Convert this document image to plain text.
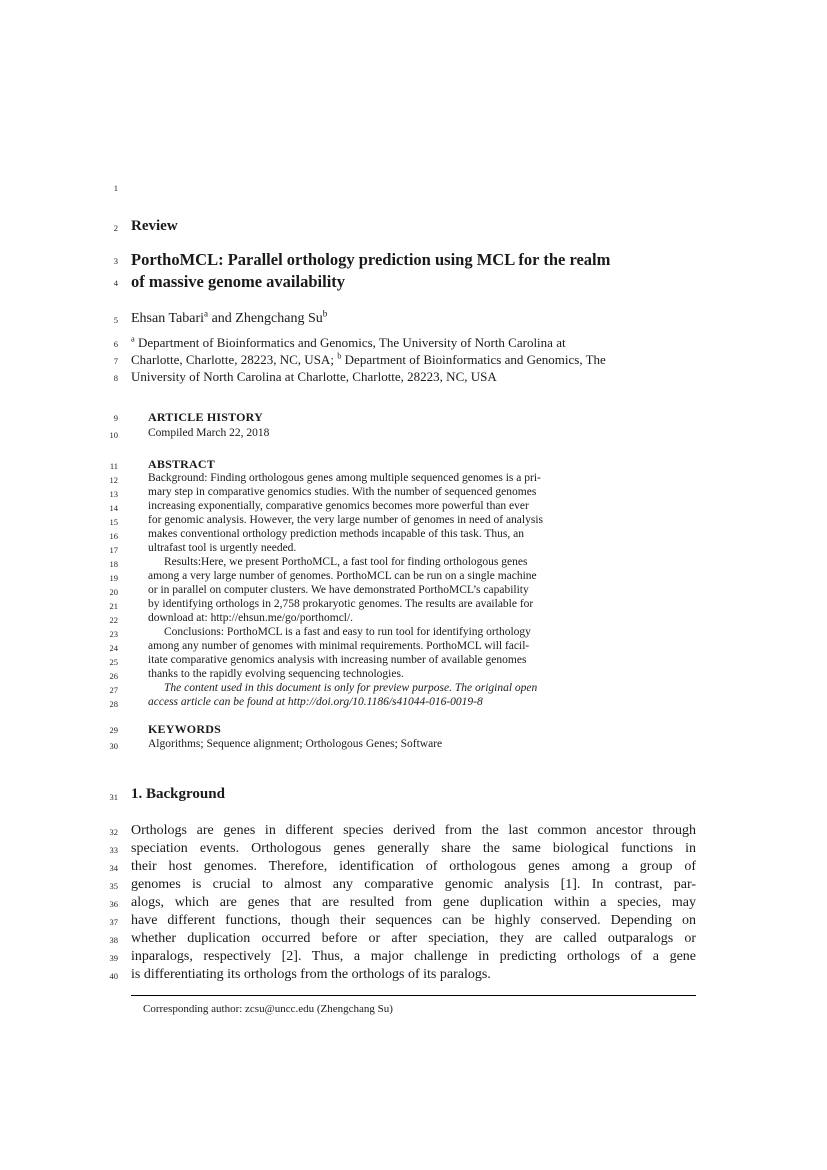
1
2
3
4
5
6
7
8
9
10
11
12
13
14
15
16
17
18
19
20
21
22
23
24
25
26
27
28
29
30
31
32
33
34
35
36
37
38
39
40
Review
PorthoMCL: Parallel orthology prediction using MCL for the realm
of massive genome availability
Ehsan Tabari$^a$ and Zhengchang Su$^b$
$^a$ Department of Bioinformatics and Genomics, The University of North Carolina at
Charlotte, Charlotte, 28223, NC, USA; $^b$ Department of Bioinformatics and Genomics, The
University of North Carolina at Charlotte, Charlotte, 28223, NC, USA
ARTICLE HISTORY
Compiled March 22, 2018
ABSTRACT
Background: Finding orthologous genes among multiple sequenced genomes is a pri-
mary step in comparative genomics studies. With the number of sequenced genomes
increasing exponentially, comparative genomics becomes more powerful than ever
for genomic analysis. However, the very large number of genomes in need of analysis
makes conventional orthology prediction methods incapable of this task. Thus, an
ultrafast tool is urgently needed.
Results:Here, we present PorthoMCL, a fast tool for finding orthologous genes
among a very large number of genomes. PorthoMCL can be run on a single machine
or in parallel on computer clusters. We have demonstrated PorthoMCL’s capability
by identifying orthologs in 2,758 prokaryotic genomes. The results are available for
download at: http://ehsun.me/go/porthomcl/.
Conclusions: PorthoMCL is a fast and easy to run tool for identifying orthology
among any number of genomes with minimal requirements. PorthoMCL will facil-
itate comparative genomics analysis with increasing number of available genomes
thanks to the rapidly evolving sequencing technologies.
The content used in this document is only for preview purpose. The original open
access article can be found at http://doi.org/10.1186/s41044-016-0019-8
KEYWORDS
Algorithms; Sequence alignment; Orthologous Genes; Software
1. Background
Orthologs are genes in different species derived from the last common ancestor through
speciation events. Orthologous genes generally share the same biological functions in
their host genomes. Therefore, identification of orthologous genes among a group of
genomes is crucial to almost any comparative genomic analysis [1]. In contrast, par-
alogs, which are genes that are resulted from gene duplication within a species, may
have different functions, though their sequences can be highly conserved. Depending on
whether duplication occurred before or after speciation, they are called outparalogs or
inparalogs, respectively [2]. Thus, a major challenge in predicting orthologs of a gene
is differentiating its orthologs from the orthologs of its paralogs.
Corresponding author: zcsu@uncc.edu (Zhengchang Su)
